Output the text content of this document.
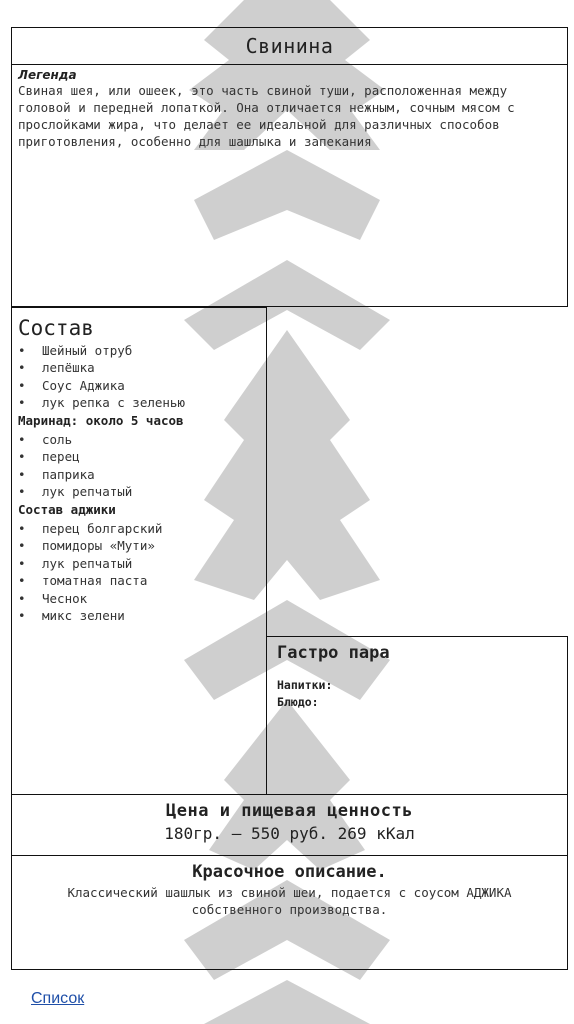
Свинина
Легенда
Свиная шея, или ошеек, это часть свиной туши, расположенная между головой и передней лопаткой. Она отличается нежным, сочным мясом с прослойками жира, что делает ее идеальной для различных способов приготовления, особенно для шашлыка и запекания
Состав
• Шейный отруб
• лепёшка
• Соус Аджика
• лук репка с зеленью
Маринад: около 5 часов
• соль
• перец
• паприка
• лук репчатый
Состав аджики
• перец болгарский
• помидоры «Мути»
• лук репчатый
• томатная паста
• Чеснок
• микс зелени
Гастро пара
Напитки:
Блюдо:
Цена и пищевая ценность
180гр. – 550 руб. 269 кКал
Красочное описание.
Классический шашлык из свиной шеи, подается с соусом АДЖИКА собственного производства.
Список
